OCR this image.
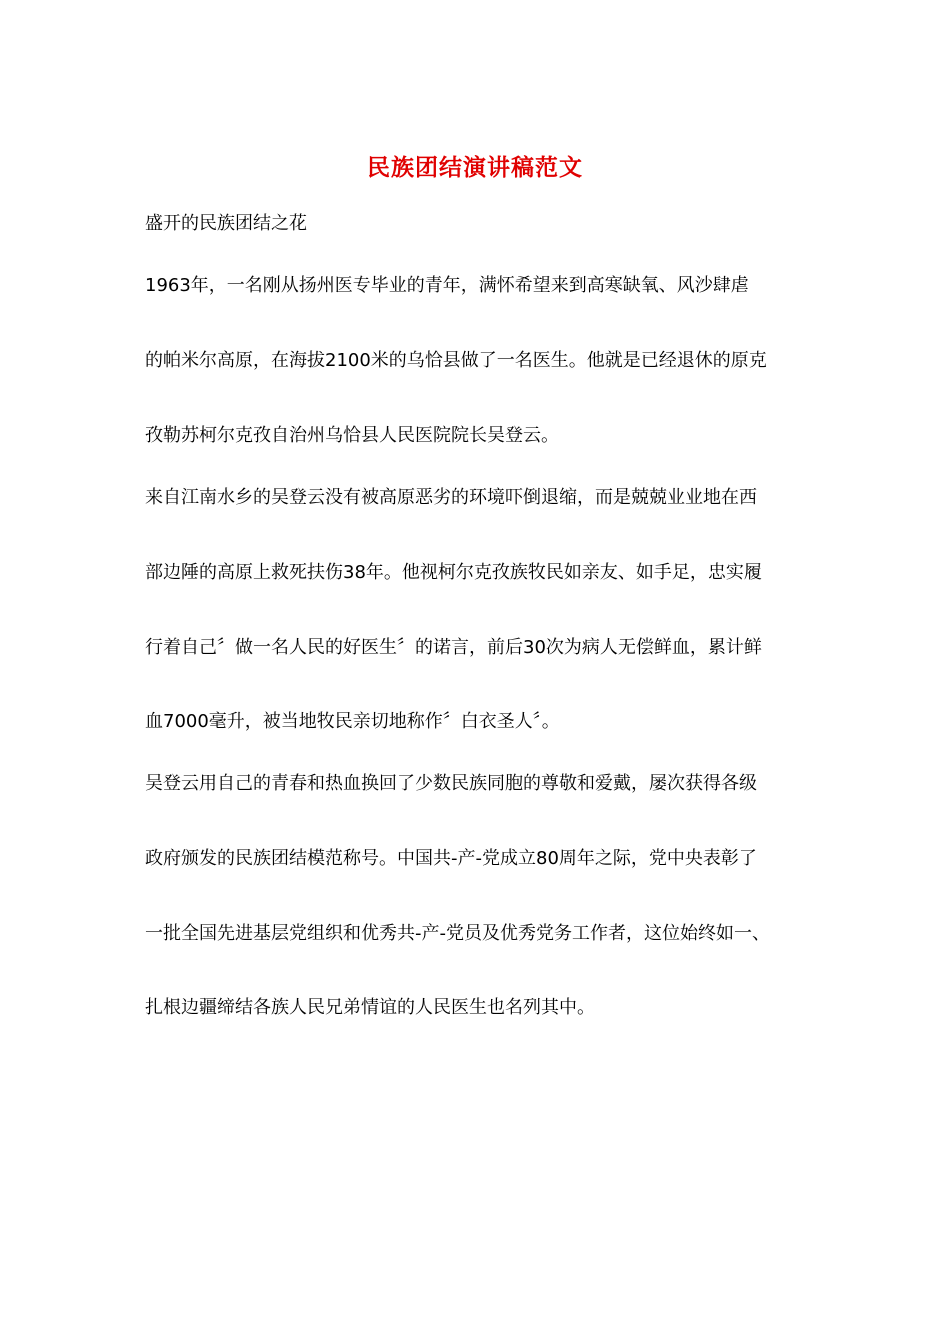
民族团结演讲稿范文
盛开的民族团结之花
1963年，一名刚从扬州医专毕业的青年，满怀希望来到高寒缺氧、风沙肆虐
的帕米尔高原，在海拔2100米的乌恰县做了一名医生。他就是已经退休的原克
孜勒苏柯尔克孜自治州乌恰县人民医院院长吴登云。
来自江南水乡的吴登云没有被高原恶劣的环境吓倒退缩，而是兢兢业业地在西
部边陲的高原上救死扶伤38年。他视柯尔克孜族牧民如亲友、如手足，忠实履
行着自己〞做一名人民的好医生〞的诺言，前后30次为病人无偿鲜血，累计鲜
血7000毫升，被当地牧民亲切地称作〞白衣圣人〞。
吴登云用自己的青春和热血换回了少数民族同胞的尊敬和爱戴，屡次获得各级
政府颁发的民族团结模范称号。中国共-产-党成立80周年之际，党中央表彰了
一批全国先进基层党组织和优秀共-产-党员及优秀党务工作者，这位始终如一、
扎根边疆缔结各族人民兄弟情谊的人民医生也名列其中。
